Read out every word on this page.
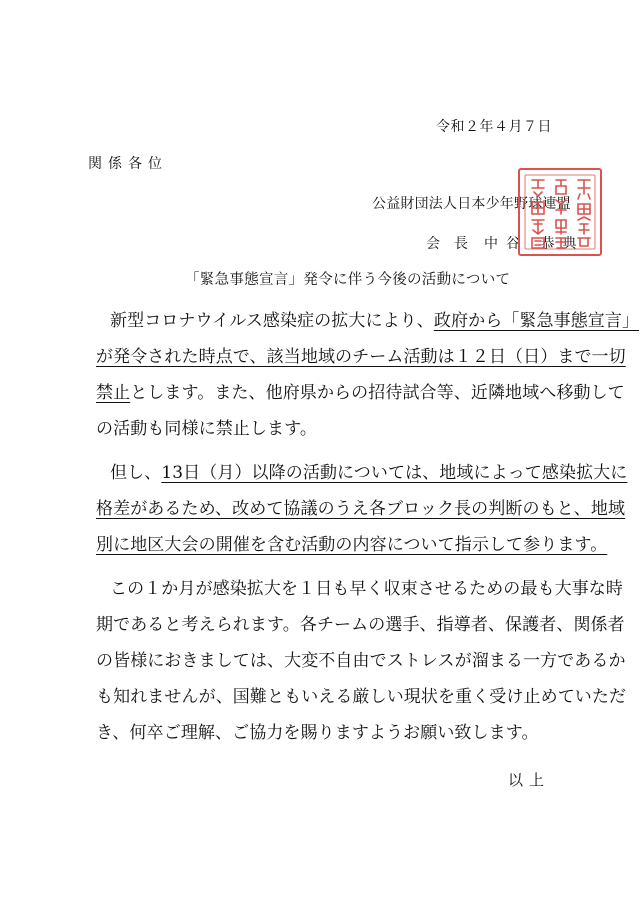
令和２年４月７日
関係各位
公益財団法人日本少年野球連盟
会長 中谷 恭典
「緊急事態宣言」発令に伴う今後の活動について
新型コロナウイルス感染症の拡大により、政府から「緊急事態宣言」
が発令された時点で、該当地域のチーム活動は１２日（日）まで一切
禁止とします。また、他府県からの招待試合等、近隣地域へ移動して
の活動も同様に禁止します。
但し、13日（月）以降の活動については、地域によって感染拡大に
格差があるため、改めて協議のうえ各ブロック長の判断のもと、地域
別に地区大会の開催を含む活動の内容について指示して参ります。
この１か月が感染拡大を１日も早く収束させるための最も大事な時
期であると考えられます。各チームの選手、指導者、保護者、関係者
の皆様におきましては、大変不自由でストレスが溜まる一方であるか
も知れませんが、国難ともいえる厳しい現状を重く受け止めていただ
き、何卒ご理解、ご協力を賜りますようお願い致します。
以上
